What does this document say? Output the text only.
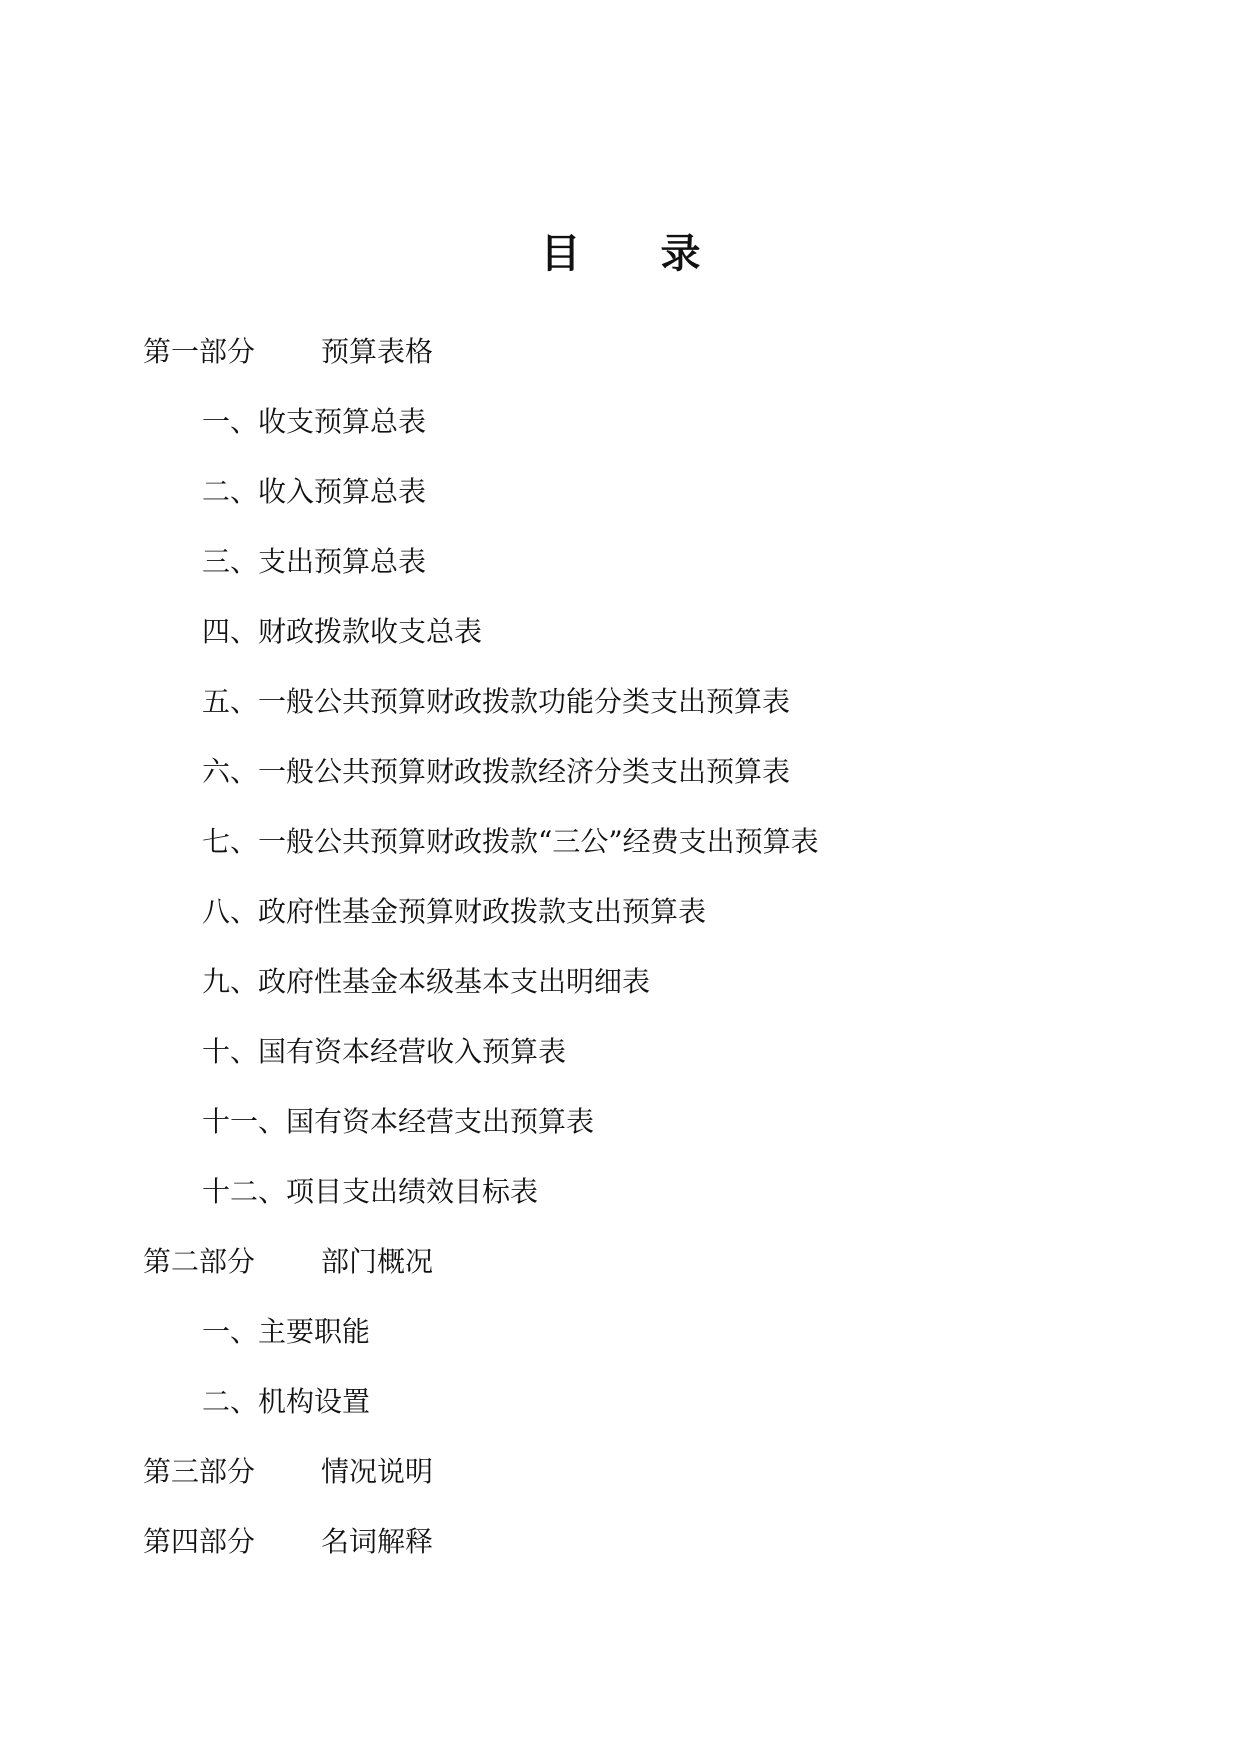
目 录
第一部分 预算表格
一、收支预算总表
二、收入预算总表
三、支出预算总表
四、财政拨款收支总表
五、一般公共预算财政拨款功能分类支出预算表
六、一般公共预算财政拨款经济分类支出预算表
七、一般公共预算财政拨款“三公”经费支出预算表
八、政府性基金预算财政拨款支出预算表
九、政府性基金本级基本支出明细表
十、国有资本经营收入预算表
十一、国有资本经营支出预算表
十二、项目支出绩效目标表
第二部分 部门概况
一、主要职能
二、机构设置
第三部分 情况说明
第四部分 名词解释
